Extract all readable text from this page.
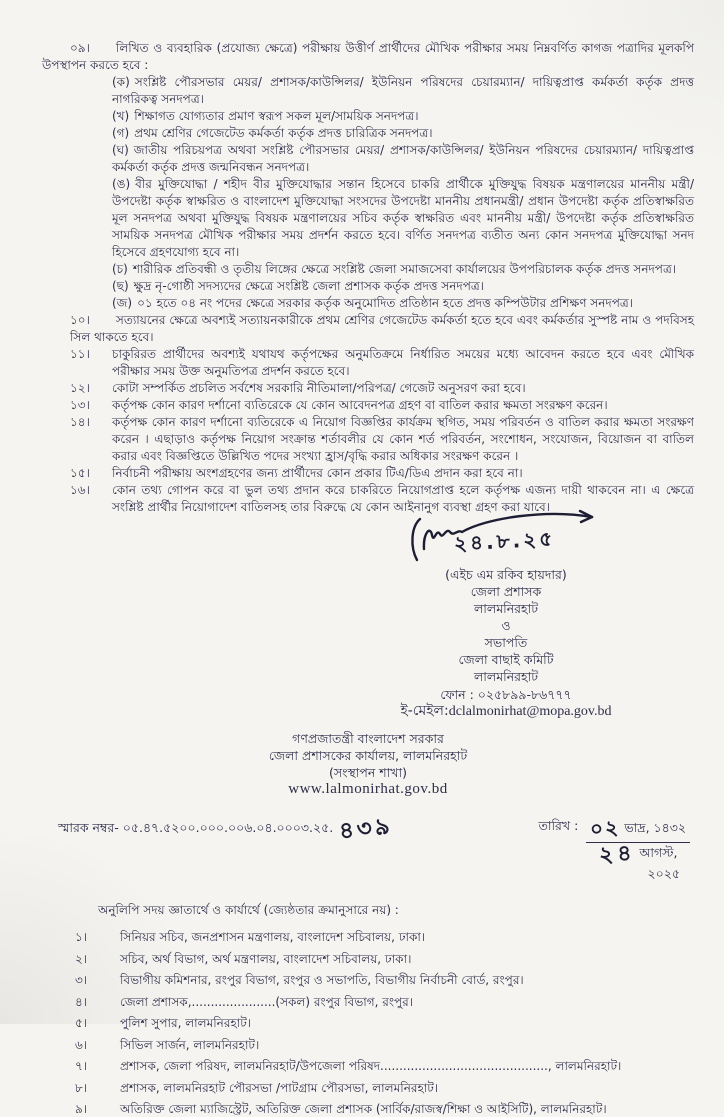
০৯। লিখিত ও ব্যবহারিক (প্রযোজ্য ক্ষেত্রে) পরীক্ষায় উত্তীর্ণ প্রার্থীদের মৌখিক পরীক্ষার সময় নিম্নবর্ণিত কাগজ পত্রাদির মূলকপি উপস্থাপন করতে হবে :
(ক) সংশ্লিষ্ট পৌরসভার মেয়র/ প্রশাসক/কাউন্সিলর/ ইউনিয়ন পরিষদের চেয়ারম্যান/ দায়িত্বপ্রাপ্ত কর্মকর্তা কর্তৃক প্রদত্ত নাগরিকত্ব সনদপত্র।
(খ) শিক্ষাগত যোগ্যতার প্রমাণ স্বরূপ সকল মূল/সাময়িক সনদপত্র।
(গ) প্রথম শ্রেণির গেজেটেড কর্মকর্তা কর্তৃক প্রদত্ত চারিত্রিক সনদপত্র।
(ঘ) জাতীয় পরিচয়পত্র অথবা সংশ্লিষ্ট পৌরসভার মেয়র/ প্রশাসক/কাউন্সিলর/ ইউনিয়ন পরিষদের চেয়ারম্যান/ দায়িত্বপ্রাপ্ত কর্মকর্তা কর্তৃক প্রদত্ত জন্মনিবন্ধন সনদপত্র।
(ঙ) বীর মুক্তিযোদ্ধা / শহীদ বীর মুক্তিযোদ্ধার সন্তান হিসেবে চাকরি প্রার্থীকে মুক্তিযুদ্ধ বিষয়ক মন্ত্রণালয়ের মাননীয় মন্ত্রী/ উপদেষ্টা কর্তৃক স্বাক্ষরিত ও বাংলাদেশ মুক্তিযোদ্ধা সংসদের উপদেষ্টা মাননীয় প্রধানমন্ত্রী/ প্রধান উপদেষ্টা কর্তৃক প্রতিস্বাক্ষরিত মূল সনদপত্র অথবা মুক্তিযুদ্ধ বিষয়ক মন্ত্রণালয়ের সচিব কর্তৃক স্বাক্ষরিত এবং মাননীয় মন্ত্রী/ উপদেষ্টা কর্তৃক প্রতিস্বাক্ষরিত সাময়িক সনদপত্র মৌখিক পরীক্ষার সময় প্রদর্শন করতে হবে। বর্ণিত সনদপত্র ব্যতীত অন্য কোন সনদপত্র মুক্তিযোদ্ধা সনদ হিসেবে গ্রহণযোগ্য হবে না।
(চ) শারীরিক প্রতিবন্ধী ও তৃতীয় লিঙ্গের ক্ষেত্রে সংশ্লিষ্ট জেলা সমাজসেবা কার্যালয়ের উপপরিচালক কর্তৃক প্রদত্ত সনদপত্র।
(ছ) ক্ষুদ্র নৃ-গোষ্ঠী সদস্যদের ক্ষেত্রে সংশ্লিষ্ট জেলা প্রশাসক কর্তৃক প্রদত্ত সনদপত্র।
(জ) ০১ হতে ০৪ নং পদের ক্ষেত্রে সরকার কর্তৃক অনুমোদিত প্রতিষ্ঠান হতে প্রদত্ত কম্পিউটার প্রশিক্ষণ সনদপত্র।
১০। সত্যায়নের ক্ষেত্রে অবশ্যই সত্যায়নকারীকে প্রথম শ্রেণির গেজেটেড কর্মকর্তা হতে হবে এবং কর্মকর্তার সুস্পষ্ট নাম ও পদবিসহ সিল থাকতে হবে।
১১। চাকুরিরত প্রার্থীদের অবশ্যই যথাযথ কর্তৃপক্ষের অনুমতিক্রমে নির্ধারিত সময়ের মধ্যে আবেদন করতে হবে এবং মৌখিক পরীক্ষার সময় উক্ত অনুমতিপত্র প্রদর্শন করতে হবে।
১২। কোটা সম্পর্কিত প্রচলিত সর্বশেষ সরকারি নীতিমালা/পরিপত্র/ গেজেট অনুসরণ করা হবে।
১৩। কর্তৃপক্ষ কোন কারণ দর্শানো ব্যতিরেকে যে কোন আবেদনপত্র গ্রহণ বা বাতিল করার ক্ষমতা সংরক্ষণ করেন।
১৪। কর্তৃপক্ষ কোন কারণ দর্শানো ব্যতিরেকে এ নিয়োগ বিজ্ঞপ্তির কার্যক্রম স্থগিত, সময় পরিবর্তন ও বাতিল করার ক্ষমতা সংরক্ষণ করেন । এছাড়াও কর্তৃপক্ষ নিয়োগ সংক্রান্ত শর্তাবলীর যে কোন শর্ত পরিবর্তন, সংশোধন, সংযোজন, বিয়োজন বা বাতিল করার এবং বিজ্ঞপ্তিতে উল্লিখিত পদের সংখ্যা হ্রাস/বৃদ্ধি করার অধিকার সংরক্ষণ করেন ।
১৫। নির্বাচনী পরীক্ষায় অংশগ্রহণের জন্য প্রার্থীদের কোন প্রকার টিএ/ডিএ প্রদান করা হবে না।
১৬। কোন তথ্য গোপন করে বা ভুল তথ্য প্রদান করে চাকরিতে নিয়োগপ্রাপ্ত হলে কর্তৃপক্ষ এজন্য দায়ী থাকবেন না। এ ক্ষেত্রে সংশ্লিষ্ট প্রার্থীর নিয়োগাদেশ বাতিলসহ তার বিরুদ্ধে যে কোন আইনানুগ ব্যবস্থা গ্রহণ করা যাবে।
২৪.৮.২৫
(এইচ এম রকিব হায়দার)
জেলা প্রশাসক
লালমনিরহাট
ও
সভাপতি
জেলা বাছাই কমিটি
লালমনিরহাট
ফোন : ০২৫৮৯৯-৮৬৭৭৭
ই-মেইল:dclalmonirhat@mopa.gov.bd
গণপ্রজাতন্ত্রী বাংলাদেশ সরকার
জেলা প্রশাসকের কার্যালয়, লালমনিরহাট
(সংস্থাপন শাখা)
www.lalmonirhat.gov.bd
স্মারক নম্বর- ০৫.৪৭.৫২০০.০০০.০০৬.০৪.০০০৩.২৫. ৪৩৯	তারিখ : ০২ ভাদ্র, ১৪৩২
২৪ আগস্ট,
২০২৫
অনুলিপি সদয় জ্ঞাতার্থে ও কার্যার্থে (জ্যেষ্ঠতার ক্রমানুসারে নয়) :
১।	সিনিয়র সচিব, জনপ্রশাসন মন্ত্রণালয়, বাংলাদেশ সচিবালয়, ঢাকা।
২।	সচিব, অর্থ বিভাগ, অর্থ মন্ত্রণালয়, বাংলাদেশ সচিবালয়, ঢাকা।
৩।	বিভাগীয় কমিশনার, রংপুর বিভাগ, রংপুর ও সভাপতি, বিভাগীয় নির্বাচনী বোর্ড, রংপুর।
৪।	জেলা প্রশাসক,......................(সকল) রংপুর বিভাগ, রংপুর।
৫।	পুলিশ সুপার, লালমনিরহাট।
৬।	সিভিল সার্জন, লালমনিরহাট।
৭।	প্রশাসক, জেলা পরিষদ, লালমনিরহাট/উপজেলা পরিষদ............................................, লালমনিরহাট।
৮।	প্রশাসক, লালমনিরহাট পৌরসভা /পাটগ্রাম পৌরসভা, লালমনিরহাট।
৯।	অতিরিক্ত জেলা ম্যাজিস্ট্রেট, অতিরিক্ত জেলা প্রশাসক (সার্বিক/রাজস্ব/শিক্ষা ও আইসিটি), লালমনিরহাট।
